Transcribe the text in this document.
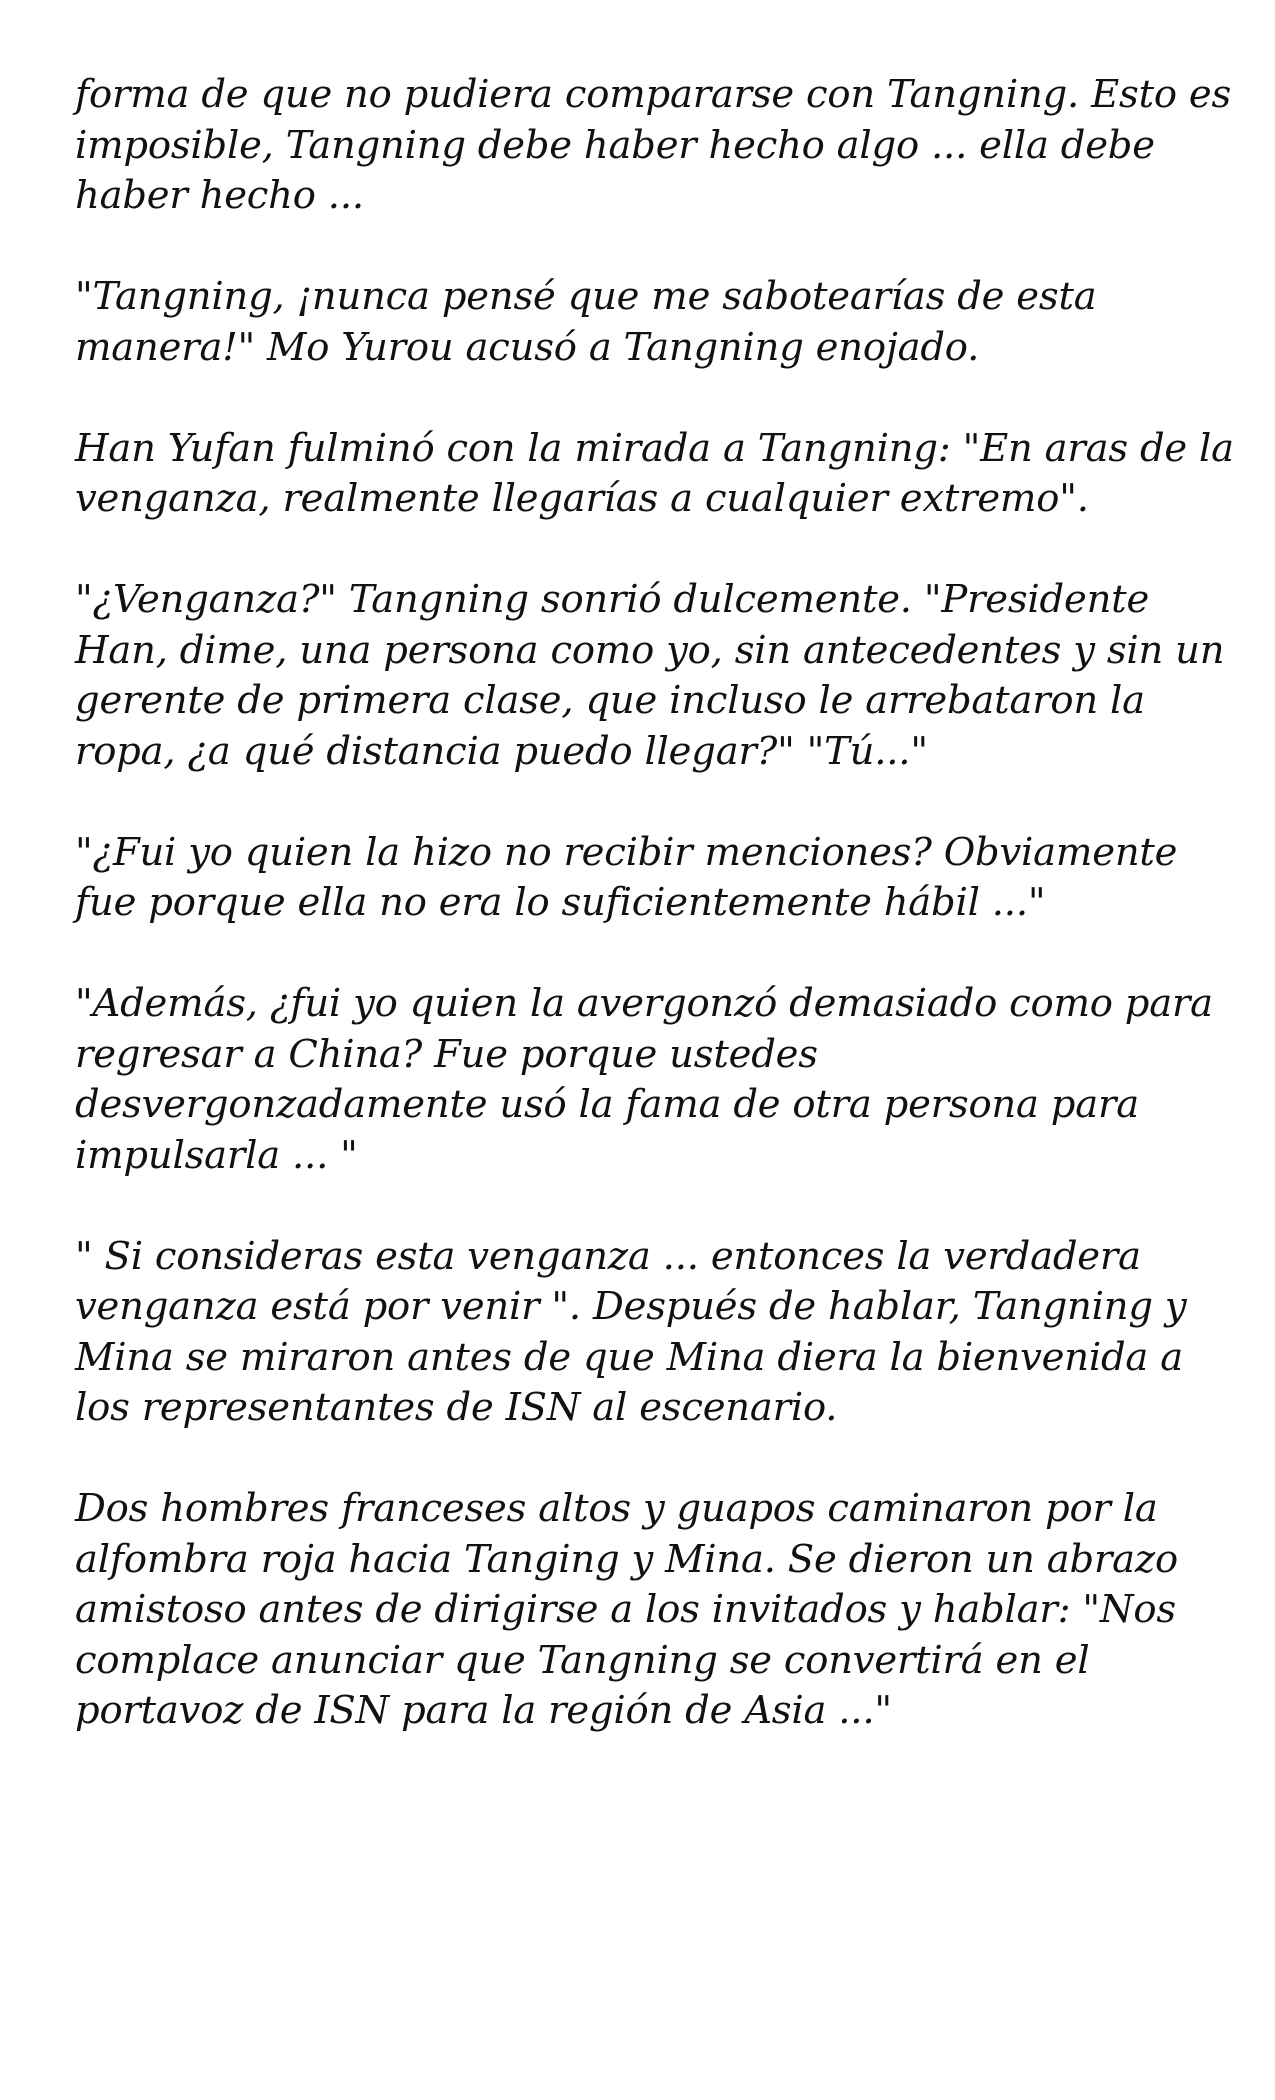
forma de que no pudiera compararse con Tangning. Esto es imposible, Tangning debe haber hecho algo ... ella debe haber hecho ...

"Tangning, ¡nunca pensé que me sabotearías de esta manera!" Mo Yurou acusó a Tangning enojado.

Han Yufan fulminó con la mirada a Tangning: "En aras de la venganza, realmente llegarías a cualquier extremo".

"¿Venganza?" Tangning sonrió dulcemente. "Presidente Han, dime, una persona como yo, sin antecedentes y sin un gerente de primera clase, que incluso le arrebataron la ropa, ¿a qué distancia puedo llegar?" "Tú..."

"¿Fui yo quien la hizo no recibir menciones? Obviamente fue porque ella no era lo suficientemente hábil ..."

"Además, ¿fui yo quien la avergonzó demasiado como para regresar a China? Fue porque ustedes desvergonzadamente usó la fama de otra persona para impulsarla ... "

" Si consideras esta venganza ... entonces la verdadera venganza está por venir ". Después de hablar, Tangning y Mina se miraron antes de que Mina diera la bienvenida a los representantes de ISN al escenario.

Dos hombres franceses altos y guapos caminaron por la alfombra roja hacia Tanging y Mina. Se dieron un abrazo amistoso antes de dirigirse a los invitados y hablar: "Nos complace anunciar que Tangning se convertirá en el portavoz de ISN para la región de Asia ..."
